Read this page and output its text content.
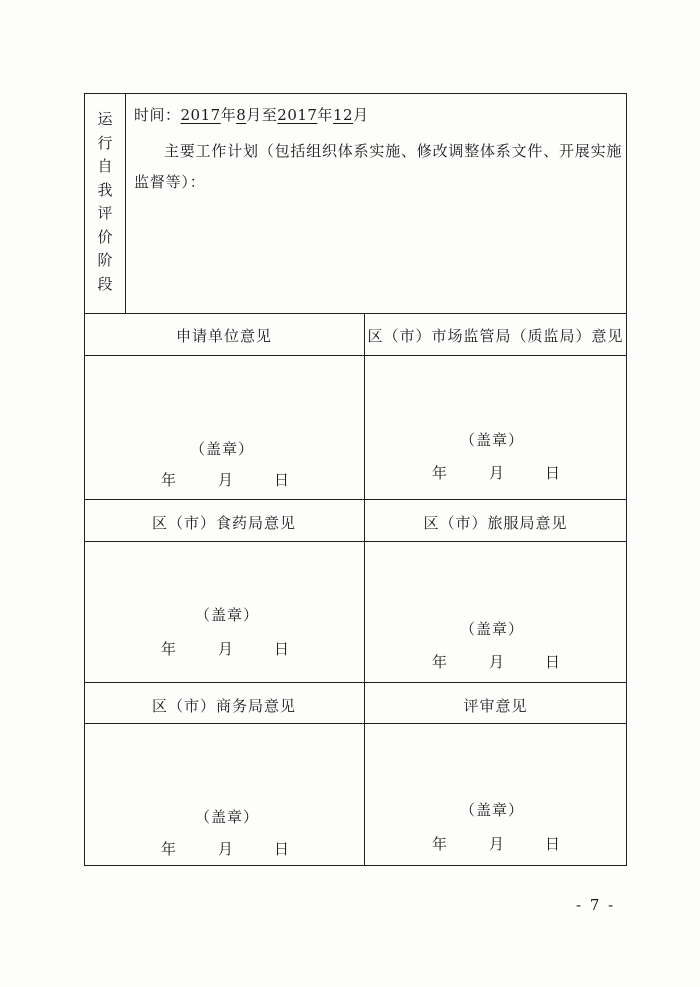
运
行
自
我
评
价
阶
段
时间：2017年8月至2017年12月
主要工作计划（包括组织体系实施、修改调整体系文件、开展实施监督等）：
申请单位意见	区（市）市场监管局（质监局）意见
（盖章）
年	月	日
（盖章）
年	月	日
区（市）食药局意见	区（市）旅服局意见
（盖章）
年	月	日
（盖章）
年	月	日
区（市）商务局意见	评审意见
（盖章）
年	月	日
（盖章）
年	月	日
- 7 -
